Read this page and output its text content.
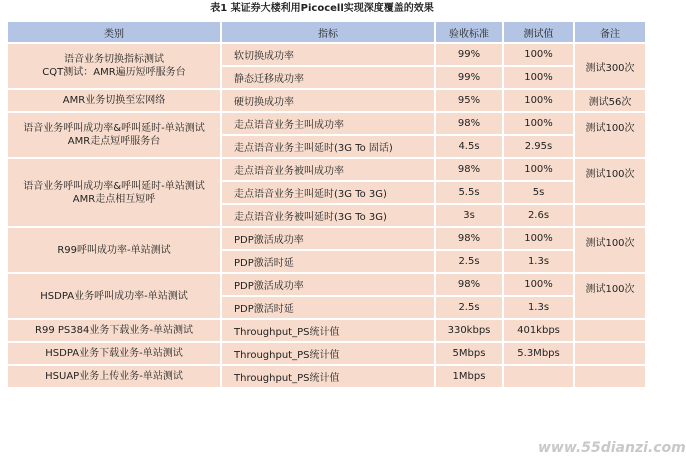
表1 某证券大楼利用Picocell实现深度覆盖的效果
类别	指标	验收标准	测试值	备注

语音业务切换指标测试
CQT测试：AMR遍历短呼服务台	软切换成功率	99%	100%	测试300次
	静态迁移成功率	99%	100%	

AMR业务切换至宏网络	硬切换成功率	95%	100%	测试56次

语音业务呼叫成功率&呼叫延时-单站测试
AMR走点短呼服务台	走点语音业务主叫成功率	98%	100%	测试100次
	走点语音业务主叫延时(3G To 固话)	4.5s	2.95s	

语音业务呼叫成功率&呼叫延时-单站测试
AMR走点相互短呼	走点语音业务被叫成功率	98%	100%	测试100次
	走点语音业务主叫延时(3G To 3G)	5.5s	5s	
	走点语音业务被叫延时(3G To 3G)	3s	2.6s	

R99呼叫成功率-单站测试	PDP激活成功率	98%	100%	测试100次
	PDP激活时延	2.5s	1.3s	

HSDPA业务呼叫成功率-单站测试	PDP激活成功率	98%	100%	测试100次
	PDP激活时延	2.5s	1.3s	

R99 PS384业务下载业务-单站测试	Throughput_PS统计值	330kbps	401kbps	

HSDPA业务下载业务-单站测试	Throughput_PS统计值	5Mbps	5.3Mbps	

HSUAP业务上传业务-单站测试	Throughput_PS统计值	1Mbps		
www.55dianzi.com
